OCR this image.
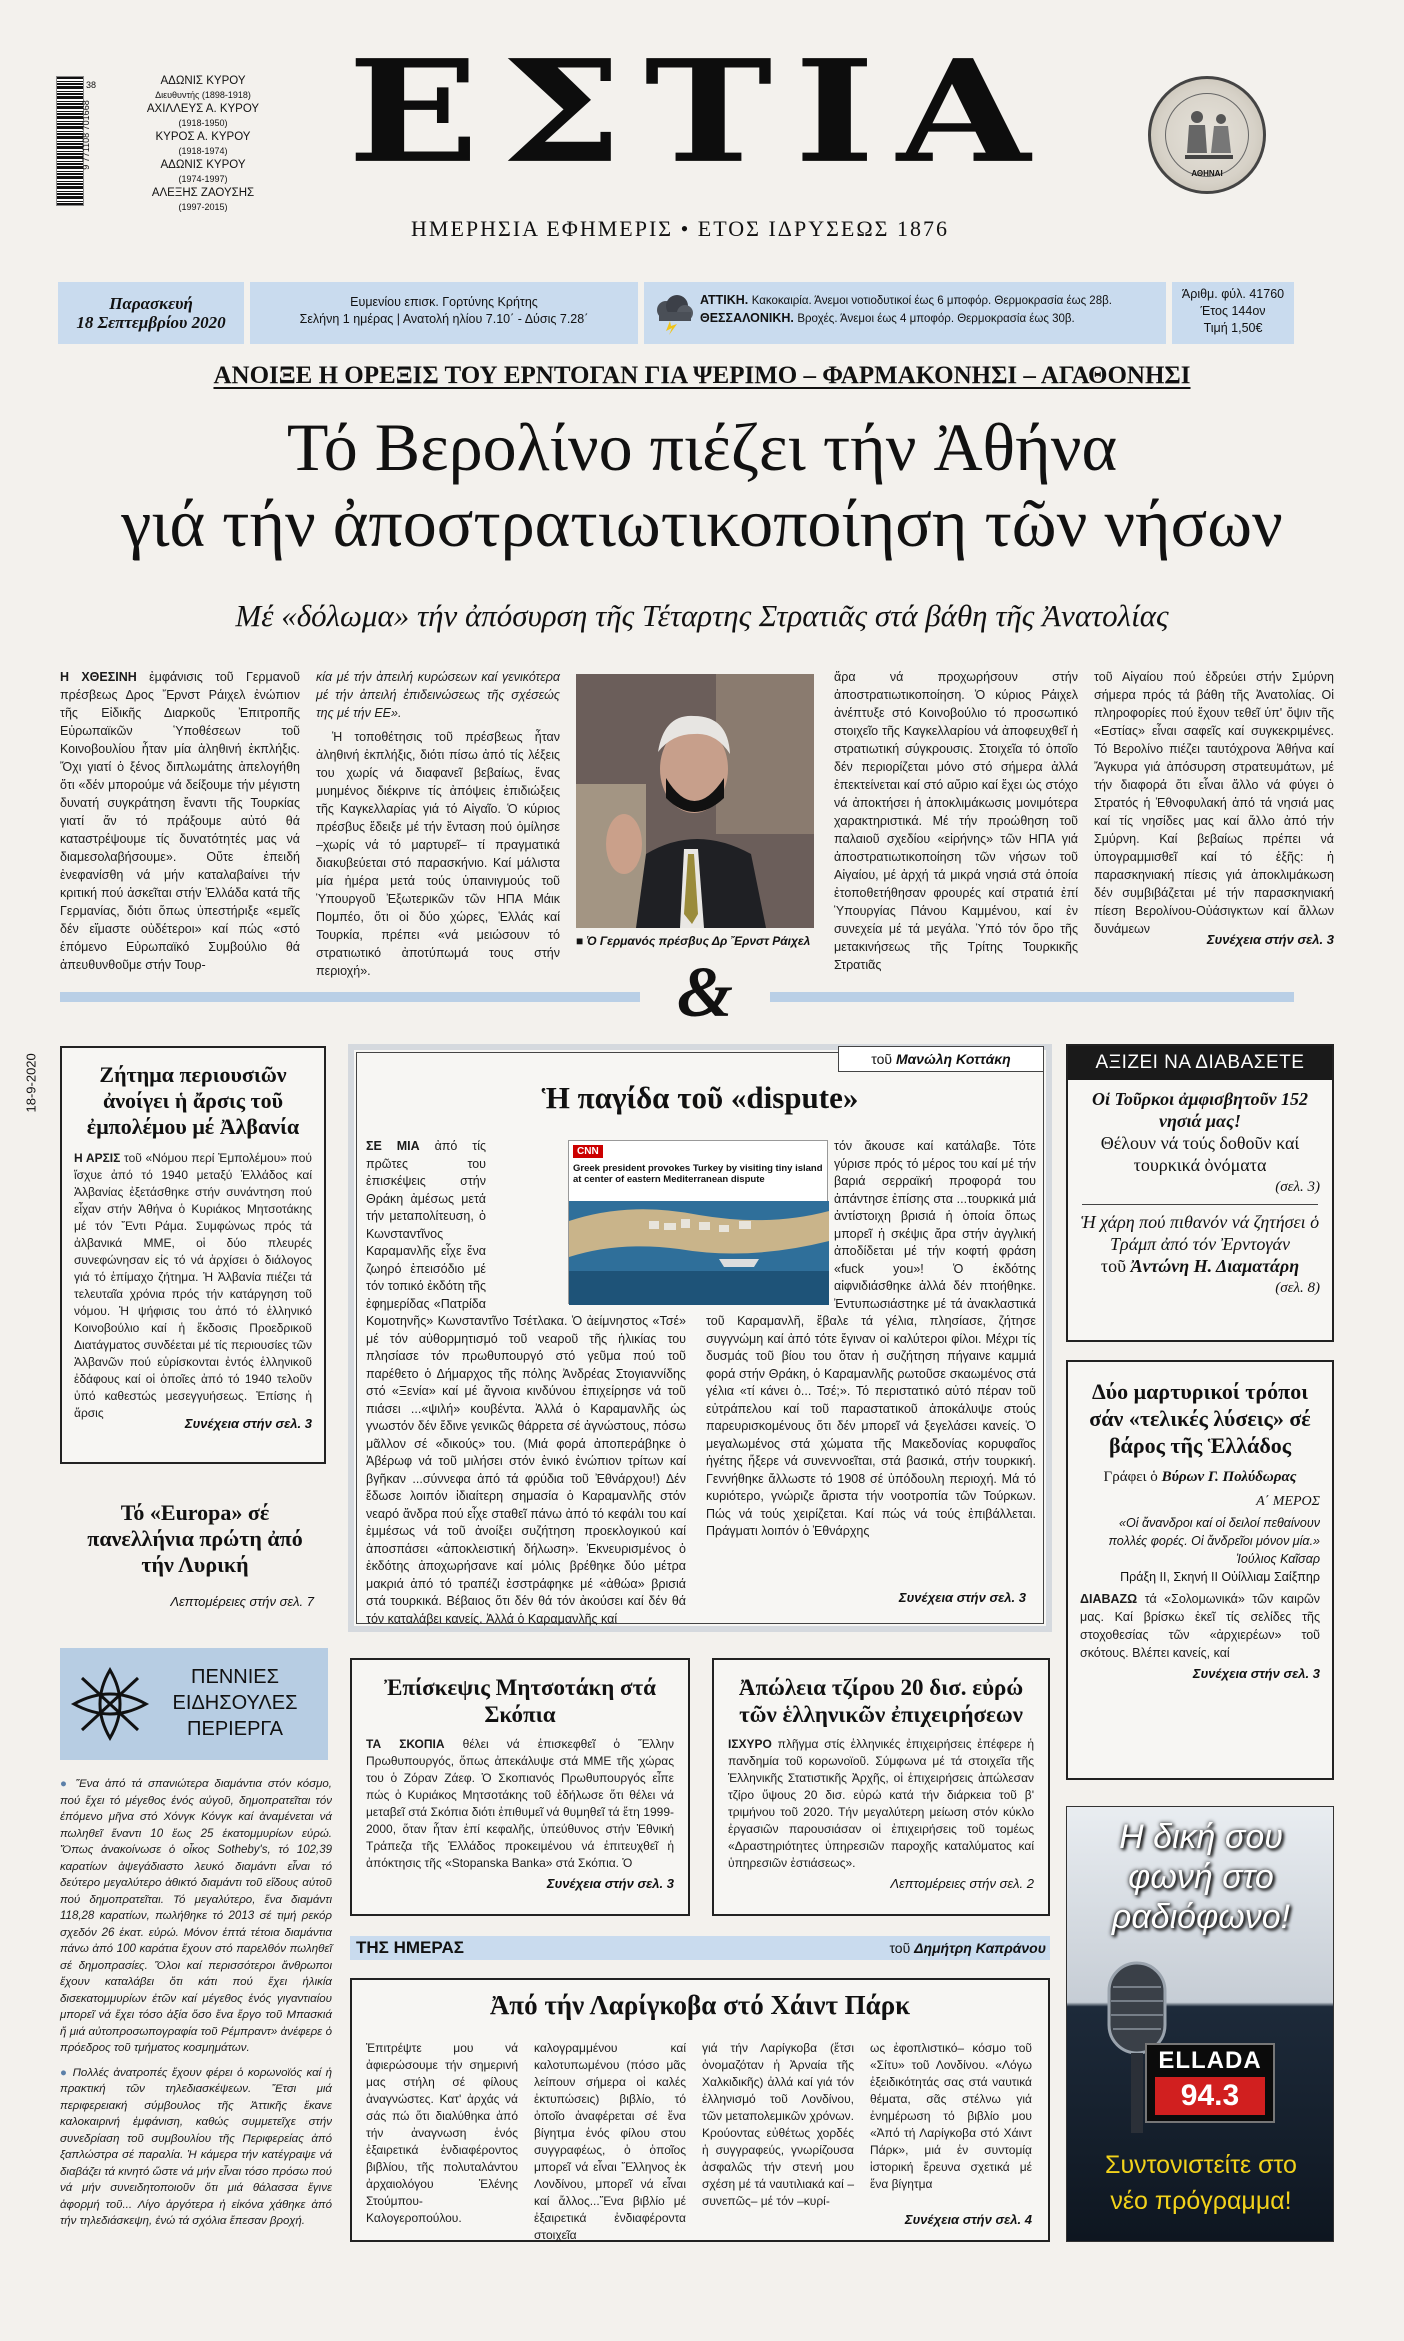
9 771108 701668
38	ΑΔΩΝΙΣ ΚΥΡΟΥ
Διευθυντής (1898-1918)
ΑΧΙΛΛΕΥΣ Α. ΚΥΡΟΥ
(1918-1950)
ΚΥΡΟΣ Α. ΚΥΡΟΥ
(1918-1974)
ΑΔΩΝΙΣ ΚΥΡΟΥ
(1974-1997)
ΑΛΕΞΗΣ ΖΑΟΥΣΗΣ
(1997-2015)
ΕΣΤΙΑ
ΗΜΕΡΗΣΙΑ ΕΦΗΜΕΡΙΣ • ΕΤΟΣ ΙΔΡΥΣΕΩΣ 1876
ΑΘΗΝΑΙ
Παρασκευή
18 Σεπτεμβρίου 2020
Ευμενίου επισκ. Γορτύνης Κρήτης
Σελήνη 1 ημέρας | Ανατολή ηλίου 7.10΄ - Δύσις 7.28΄
ΑΤΤΙΚΗ. Κακοκαιρία. Άνεμοι νοτιοδυτικοί έως 6 μποφόρ. Θερμοκρασία έως 28β.
ΘΕΣΣΑΛΟΝΙΚΗ. Βροχές. Άνεμοι έως 4 μποφόρ. Θερμοκρασία έως 30β.
Άριθμ. φύλ. 41760
Έτος 144ον
Τιμή 1,50€
ΑΝΟΙΞΕ Η ΟΡΕΞΙΣ ΤΟΥ ΕΡΝΤΟΓΑΝ ΓΙΑ ΨΕΡΙΜΟ – ΦΑΡΜΑΚΟΝΗΣΙ – ΑΓΑΘΟΝΗΣΙ
Τό Βερολίνο πιέζει τήν Ἀθήνα
γιά τήν ἀποστρατιωτικοποίηση τῶν νήσων
Μέ «δόλωμα» τήν ἀπόσυρση τῆς Τέταρτης Στρατιᾶς στά βάθη τῆς Ἀνατολίας
Η ΧΘΕΣΙΝΗ ἐμφάνισις τοῦ Γερμανοῦ πρέσβεως Δρος Ἔρνστ Ράιχελ ἐνώπιον τῆς Εἰδικῆς Διαρκοῦς Ἐπιτροπῆς Εὐρωπαϊκῶν Ὑποθέσεων τοῦ Κοινοβουλίου ἦταν μία ἀληθινή ἐκπλήξις. Ὄχι γιατί ὁ ξένος διπλωμάτης ἀπελογήθη ὅτι «δέν μπορούμε νά δείξουμε τήν μέγιστη δυνατή συγκράτηση ἔναντι τῆς Τουρκίας γιατί ἄν τό πράξουμε αὐτό θά καταστρέψουμε τίς δυνατότητές μας νά διαμεσολαβήσουμε». Οὔτε ἐπειδή ἐνεφανίσθη νά μήν καταλαβαίνει τήν κριτική πού ἀσκεῖται στήν Ἑλλάδα κατά τῆς Γερμανίας, διότι ὅπως ὑπεστήριξε «εμεῖς δέν εἴμαστε οὐδέτεροι» καί πώς «στό ἑπόμενο Εὐρωπαϊκό Συμβούλιο θά ἀπευθυνθοῦμε στήν Τουρ-
κία μέ τήν ἀπειλή κυρώσεων καί γενικότερα μέ τήν ἀπειλή ἐπιδεινώσεως τῆς σχέσεώς της μέ τήν ΕΕ».

Ἡ τοποθέτησις τοῦ πρέσβεως ἦταν ἀληθινή ἐκπλήξις, διότι πίσω ἀπό τίς λέξεις του χωρίς νά διαφανεῖ βεβαίως, ἕνας μυημένος διέκρινε τίς ἀπόψεις ἐπιδιώξεις τῆς Καγκελλαρίας γιά τό Αἰγαῖο. Ὁ κύριος πρέσβυς ἔδειξε μέ τήν ἔνταση πού ὁμίλησε –χωρίς νά τό μαρτυρεῖ– τί πραγματικά διακυβεύεται στό παρασκήνιο. Καί μάλιστα μία ἡμέρα μετά τούς ὑπαινιγμούς τοῦ Ὑπουργοῦ Ἐξωτερικῶν τῶν ΗΠΑ Μάικ Πομπέο, ὅτι οἱ δύο χώρες, Ἑλλάς καί Τουρκία, πρέπει «νά μειώσουν τό στρατιωτικό ἀποτύπωμά τους στήν περιοχή».

■ Ὁ Γερμανός πρέσβυς Δρ Ἔρνστ Ράιχελ
ἄρα νά προχωρήσουν στήν ἀποστρατιωτικοποίηση. Ὁ κύριος Ράιχελ ἀνέπτυξε στό Κοινοβούλιο τό προσωπικό στοιχεῖο τῆς Καγκελλαρίου νά ἀποφευχθεῖ ἡ στρατιωτική σύγκρουσις. Στοιχεῖα τό ὁποῖο δέν περιορίζεται μόνο στό σήμερα ἀλλά ἐπεκτείνεται καί στό αὔριο καί ἔχει ὡς στόχο νά ἀποκτήσει ἡ ἀποκλιμάκωσις μονιμότερα χαρακτηριστικά. Μέ τήν προώθηση τοῦ παλαιοῦ σχεδίου «εἰρήνης» τῶν ΗΠΑ γιά ἀποστρατιωτικοποίηση τῶν νήσων τοῦ Αἰγαίου, μέ ἀρχή τά μικρά νησιά στά ὁποία ἐτοποθετήθησαν φρουρές καί στρατιά ἐπί Ὑπουργίας Πάνου Καμμένου, καί ἐν συνεχεία μέ τά μεγάλα. Ὑπό τόν ὅρο τῆς μετακινήσεως τῆς Τρίτης Τουρκικῆς Στρατιᾶς
τοῦ Αἰγαίου πού ἑδρεύει στήν Σμύρνη σήμερα πρός τά βάθη τῆς Ἀνατολίας. Οἱ πληροφορίες πού ἔχουν τεθεῖ ὑπ' ὄψιν τῆς «Εστίας» εἶναι σαφεῖς καί συγκεκριμένες. Τό Βερολίνο πιέζει ταυτόχρονα Ἀθήνα καί Ἄγκυρα γιά ἀπόσυρση στρατευμάτων, μέ τήν διαφορά ὅτι εἶναι ἄλλο νά φύγει ὁ Στρατός ἡ Ἐθνοφυλακή ἀπό τά νησιά μας καί τίς νησίδες μας καί ἄλλο ἀπό τήν Σμύρνη. Καί βεβαίως πρέπει νά ὑπογραμμισθεῖ καί τό ἑξῆς: ἡ παρασκηνιακή πίεσις γιά ἀποκλιμάκωση δέν συμβιβάζεται μέ τήν παρασκηνιακή πίεση Βερολίνου-Οὐάσιγκτων καί ἄλλων δυνάμεων
Συνέχεια στήν σελ. 3
&
18-9-2020	Ζήτημα περιουσιῶν ἀνοίγει ἡ ἄρσις τοῦ ἐμπολέμου μέ Ἀλβανία
Η ΑΡΣΙΣ τοῦ «Νόμου περί Ἐμπολέμου» πού ἴσχυε ἀπό τό 1940 μεταξύ Ἑλλάδος καί Ἀλβανίας ἐξετάσθηκε στήν συνάντηση πού εἶχαν στήν Ἀθήνα ὁ Κυριάκος Μητσοτάκης μέ τόν Ἔντι Ράμα. Συμφώνως πρός τά ἀλβανικά ΜΜΕ, οἱ δύο πλευρές συνεφώνησαν εἰς τό νά ἀρχίσει ὁ διάλογος γιά τό ἐπίμαχο ζήτημα. Ἡ Ἀλβανία πιέζει τά τελευταῖα χρόνια πρός τήν κατάργηση τοῦ νόμου. Ἡ ψήφισις του ἀπό τό ἑλληνικό Κοινοβούλιο καί ἡ ἔκδοσις Προεδρικοῦ Διατάγματος συνδέεται μέ τίς περιουσίες τῶν Ἀλβανῶν πού εὑρίσκονται ἐντός ἑλληνικοῦ ἐδάφους καί οἱ ὁποῖες ἀπό τό 1940 τελοῦν ὑπό καθεστώς μεσεγγυήσεως. Ἐπίσης ἡ ἄρσις
Συνέχεια στήν σελ. 3
Τό «Europa» σέ πανελλήνια πρώτη ἀπό τήν Λυρική
Λεπτομέρειες στήν σελ. 7
ΠΕΝΝΙΕΣ ΕΙΔΗΣΟΥΛΕΣ ΠΕΡΙΕΡΓΑ

● Ἕνα ἀπό τά σπανιώτερα διαμάντια στόν κόσμο, πού ἔχει τό μέγεθος ἑνός αὐγοῦ, δημοπρατεῖται τόν ἐπόμενο μῆνα στό Χόνγκ Κόνγκ καί ἀναμένεται νά πωληθεῖ ἔναντι 10 ἕως 25 ἑκατομμυρίων εὐρώ. Ὅπως ἀνακοίνωσε ὁ οἶκος Sotheby's, τό 102,39 καρατίων ἀψεγάδιαστο λευκό διαμάντι εἶναι τό δεύτερο μεγαλύτερο ἀθικτό διαμάντι τοῦ εἴδους αὐτοῦ πού δημοπρατεῖται. Τό μεγαλύτερο, ἕνα διαμάντι 118,28 καρατίων, πωλήθηκε τό 2013 σέ τιμή ρεκόρ σχεδόν 26 ἑκατ. εὐρώ. Μόνον ἑπτά τέτοια διαμάντια πάνω ἀπό 100 καράτια ἔχουν στό παρελθόν πωληθεῖ σέ δημοπρασίες. Ὅλοι καί περισσότεροι ἄνθρωποι ἔχουν καταλάβει ὅτι κάτι πού ἔχει ἡλικία δισεκατομμυρίων ἐτῶν καί μέγεθος ἑνός γιγαντιαίου μπορεῖ νά ἔχει τόσο ἀξία ὅσο ἕνα ἔργο τοῦ Μπασκιά ἤ μιά αὐτοπροσωπογραφία τοῦ Ρέμπραντ» ἀνέφερε ὁ πρόεδρος τοῦ τμήματος κοσμημάτων.

● Πολλές ἀνατροπές ἔχουν φέρει ὁ κορωνοϊός καί ἡ πρακτική τῶν τηλεδιασκέψεων. Ἔτσι μιά περιφερειακή σύμβουλος τῆς Ἀττικῆς ἔκανε καλοκαιρινή ἐμφάνιση, καθώς συμμετεῖχε στήν συνεδρίαση τοῦ συμβουλίου τῆς Περιφερείας ἀπό ξαπλώστρα σέ παραλία. Ἡ κάμερα τήν κατέγραψε νά διαβάζει τά κινητό ὥστε νά μήν εἶναι τόσο πρόσω πού νά μήν συνειδητοποιοῦν ὅτι μιά θάλασσα ἔγινε ἀφορμή τοῦ... Λίγο ἀργότερα ἡ εἰκόνα χάθηκε ἀπό τήν τηλεδιάσκεψη, ἐνώ τά σχόλια ἔπεσαν βροχή.

τοῦ Μανώλη Κοττάκη
Ἡ παγίδα τοῦ «dispute»
CNN
Greek president provokes Turkey by visiting tiny island at center of eastern Mediterranean dispute
ΣΕ ΜΙΑ ἀπό τίς πρῶτες του ἐπισκέψεις στήν Θράκη ἀμέσως μετά τήν μεταπολίτευση, ὁ Κωνσταντῖνος Καραμανλῆς εἶχε ἕνα ζωηρό ἐπεισόδιο μέ τόν τοπικό ἐκδότη τῆς ἐφημερίδας «Πατρίδα Κομοτηνῆς» Κωνσταντῖνο Τσέτλακα. Ὁ ἀείμνηστος «Τσέ» μέ τόν αὐθορμητισμό τοῦ νεαροῦ τῆς ἡλικίας του πλησίασε τόν πρωθυπουργό στό γεῦμα πού τοῦ παρέθετο ὁ Δήμαρχος τῆς πόλης Ἀνδρέας Στογιαννίδης στό «Ξενία» καί μέ ἄγνοια κινδύνου ἐπιχείρησε νά τοῦ πιάσει ...«ψιλή» κουβέντα. Ἀλλά ὁ Καραμανλῆς ὡς γνωστόν δέν ἔδινε γενικῶς θάρρετα σέ ἀγνώστους, πόσω μᾶλλον σέ «δικούς» του. (Μιά φορά ἀποπεράβηκε ὁ Ἀβέρωφ νά τοῦ μιλήσει στόν ἑνικό ἐνώπιον τρίτων καί βγῆκαν ...σύννεφα ἀπό τά φρύδια τοῦ Ἐθνάρχου!) Δέν ἔδωσε λοιπόν ἰδιαίτερη σημασία ὁ Καραμανλῆς στόν νεαρό ἄνδρα πού εἶχε σταθεῖ πάνω ἀπό τό κεφάλι του καί ἐμμέσως νά τοῦ ἀνοίξει συζήτηση προεκλογικού καί ἀποσπάσει «ἀποκλειστική δήλωση». Ἐκνευρισμένος ὁ ἐκδότης ἀποχωρήσανε καί μόλις βρέθηκε δύο μέτρα μακριά ἀπό τό τραπέζι ἐσστράφηκε μέ «ἀθώα» βρισιά στά τουρκικά. Βέβαιος ὅτι δέν θά τόν ἀκούσει καί δέν θά τόν καταλάβει κανείς. Ἀλλά ὁ Καραμανλῆς καί
τόν ἄκουσε καί κατάλαβε. Τότε γύρισε πρός τό μέρος του καί μέ τήν βαριά σερραϊκή προφορά του ἀπάντησε ἐπίσης στα ...τουρκικά μιά ἀντίστοιχη βρισιά ἡ ὁποία ὅπως μπορεῖ ἡ σκέψις ἄρα στήν ἀγγλική ἀποδίδεται μέ τήν κοφτή φράση «fuck you»! Ὁ ἐκδότης αἰφνιδιάσθηκε ἀλλά δέν πτοήθηκε. Ἐντυπωσιάστηκε μέ τά ἀνακλαστικά τοῦ Καραμανλῆ, ἔβαλε τά γέλια, πλησίασε, ζήτησε συγγνώμη καί ἀπό τότε ἔγιναν οἱ καλύτεροι φίλοι. Μέχρι τίς δυσμάς τοῦ βίου του ὅταν ἡ συζήτηση πήγαινε καμμιά φορά στήν Θράκη, ὁ Καραμανλῆς ρωτοῦσε σκαωμένος στά γέλια «τί κάνει ὁ... Τσέ;». Τό περιστατικό αὐτό πέραν τοῦ εὐτράπελου καί τοῦ παραστατικοῦ ἀποκάλυψε στούς παρευρισκομένους ὅτι δέν μπορεῖ νά ξεγελάσει κανείς. Ὁ μεγαλωμένος στά χώματα τῆς Μακεδονίας κορυφαῖος ἡγέτης ἤξερε νά συνεννοεῖται, στά βασικά, στήν τουρκική. Γεννήθηκε ἄλλωστε τό 1908 σέ ὑπόδουλη περιοχή. Μά τό κυριότερο, γνώριζε ἄριστα τήν νοοτροπία τῶν Τούρκων. Πώς νά τούς χειρίζεται. Καί πώς νά τούς ἐπιβάλλεται. Πράγματι λοιπόν ὁ Ἐθνάρχης
Συνέχεια στήν σελ. 3
ΑΞΙΖΕΙ ΝΑ ΔΙΑΒΑΣΕΤΕ
Οἱ Τοῦρκοι ἀμφισβητοῦν 152 νησιά μας!
Θέλουν νά τούς δοθοῦν καί τουρκικά ὀνόματα
(σελ. 3)
Ἡ χάρη πού πιθανόν νά ζητήσει ὁ Τράμπ ἀπό τόν Ἐρντογάν
τοῦ Ἀντώνη Η. Διαματάρη
(σελ. 8)
Δύο μαρτυρικοί τρόποι σάν «τελικές λύσεις» σέ βάρος τῆς Ἑλλάδος
Γράφει ὁ Βύρων Γ. Πολύδωρας
Α΄ ΜΕΡΟΣ
«Οἱ ἄνανδροι καί οἱ δειλοί πεθαίνουν πολλές φορές. Οἱ ἄνδρεῖοι μόνον μία.» Ἰούλιος Καῖσαρ
Πράξη ΙΙ, Σκηνή ΙΙ Οὐίλλιαμ Σαίξπηρ
ΔΙΑΒΑΖΩ τά «Σολομωνικά» τῶν καιρῶν μας. Καί βρίσκω ἐκεῖ τίς σελίδες τῆς στοχοθεσίας τῶν «ἀρχιερέων» τοῦ σκότους. Βλέπει κανείς, καί
Συνέχεια στήν σελ. 3
Ἐπίσκεψις Μητσοτάκη στά Σκόπια
ΤΑ ΣΚΟΠΙΑ θέλει νά ἐπισκεφθεῖ ὁ Ἕλλην Πρωθυπουργός, ὅπως ἀπεκάλυψε στά ΜΜΕ τῆς χώρας του ὁ Ζόραν Ζάεφ. Ὁ Σκοπιανός Πρωθυπουργός εἶπε πώς ὁ Κυριάκος Μητσοτάκης τοῦ ἐδήλωσε ὅτι θέλει νά μεταβεῖ στά Σκόπια διότι ἐπιθυμεῖ νά θυμηθεῖ τά ἔτη 1999-2000, ὅταν ἦταν ἐπί κεφαλῆς, ὑπεύθυνος στήν Ἐθνική Τράπεζα τῆς Ἑλλάδος προκειμένου νά ἐπιτευχθεῖ ἡ ἀπόκτησις τῆς «Stopanska Banka» στά Σκόπια. Ὁ
Συνέχεια στήν σελ. 3
Ἀπώλεια τζίρου 20 δισ. εὐρώ τῶν ἑλληνικῶν ἐπιχειρήσεων
ΙΣΧΥΡΟ πλῆγμα στίς ἑλληνικές ἐπιχειρήσεις ἐπέφερε ἡ πανδημία τοῦ κορωνοϊοῦ. Σύμφωνα μέ τά στοιχεῖα τῆς Ἑλληνικῆς Στατιστικῆς Ἀρχῆς, οἱ ἐπιχειρήσεις ἀπώλεσαν τζίρο ὕψους 20 δισ. εὐρώ κατά τήν διάρκεια τοῦ β' τριμήνου τοῦ 2020. Τήν μεγαλύτερη μείωση στόν κύκλο ἐργασιῶν παρουσιάσαν οἱ ἐπιχειρήσεις τοῦ τομέως «Δραστηριότητες ὑπηρεσιῶν παροχῆς καταλύματος καί ὑπηρεσιῶν ἑστιάσεως».
Λεπτομέρειες στήν σελ. 2
ΤΗΣ ΗΜΕΡΑΣ	τοῦ Δημήτρη Καπράνου
Ἀπό τήν Λαρίγκοβα στό Χάιντ Πάρκ
Ἐπιτρέψτε μου νά ἀφιερώσουμε τήν σημερινή μας στήλη σέ φίλους ἀναγνώστες. Κατ' ἀρχάς νά σάς πώ ὅτι διαλύθηκα ἀπό τήν ἀναγνωση ἑνός ἐξαιρετικά ἐνδιαφέροντος βιβλίου, τῆς πολυταλάντου ἀρχαιολόγου Ἑλένης Στούμπου-Καλογεροπούλου.
καλογραμμένου καί καλοτυπωμένου (πόσο μᾶς λείπουν σήμερα οἱ καλές ἐκτυπώσεις) βιβλίο, τό ὁποῖο ἀναφέρεται σέ ἕνα βίγητμα ἑνός φίλου στου συγγραφέως, ὁ ὁποῖος μπορεῖ νά εἶναι Ἕλληνος ἐκ Λονδίνου, μπορεῖ νά εἶναι καί ἄλλος...Ἕνα βιβλίο μέ ἐξαιρετικά ἐνδιαφέροντα στοιχεῖα
γιά τήν Λαρίγκοβα (ἔτσι ὀνομαζόταν ἡ Ἀρναία τῆς Χαλκιδικῆς) ἀλλά καί γιά τόν ἑλληνισμό τοῦ Λονδίνου, τῶν μεταπολεμικῶν χρόνων. Κρούοντας εὐθέτως χορδές ἡ συγγραφεύς, γνωρίζουσα ἀσφαλῶς τήν στενή μου σχέση μέ τά ναυτιλιακά καί –συνεπῶς– μέ τόν –κυρί-
ως ἐφοπλιστικό– κόσμο τοῦ «Σίτυ» τοῦ Λονδίνου. «Λόγω ἐξειδικότητάς σας στά ναυτικά θέματα, σᾶς στέλνω γιά ἐνημέρωση τό βιβλίο μου «Ἀπό τή Λαρίγκοβα στό Χάιντ Πάρκ», μιά ἐν συντομίᾳ ἱστορική ἔρευνα σχετικά μέ ἕνα βίγητμα
Συνέχεια στήν σελ. 4
Η δική σου
φωνή στο
ραδιόφωνο!
ELLADA
94.3
Συντονιστείτε στο
νέο πρόγραμμα!
